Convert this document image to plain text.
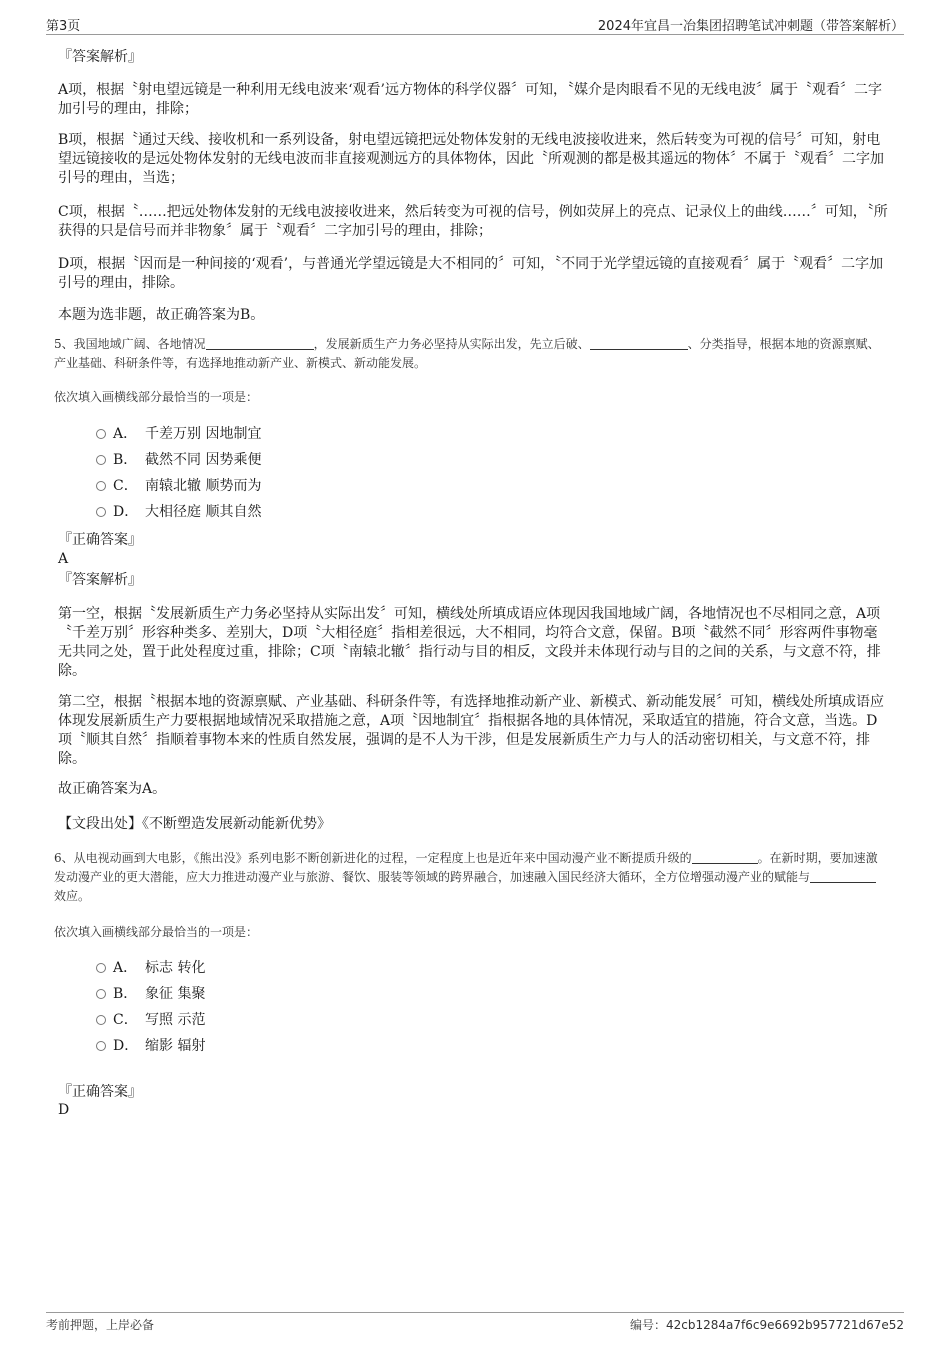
第3页	2024年宜昌一冶集团招聘笔试冲刺题（带答案解析）
『答案解析』
A项，根据〝射电望远镜是一种利用无线电波来‘观看’远方物体的科学仪器〞可知，〝媒介是肉眼看不见的无线电波〞属于〝观看〞二字加引号的理由，排除；
B项，根据〝通过天线、接收机和一系列设备，射电望远镜把远处物体发射的无线电波接收进来，然后转变为可视的信号〞可知，射电望远镜接收的是远处物体发射的无线电波而非直接观测远方的具体物体，因此〝所观测的都是极其遥远的物体〞不属于〝观看〞二字加引号的理由，当选；
C项，根据〝……把远处物体发射的无线电波接收进来，然后转变为可视的信号，例如荧屏上的亮点、记录仪上的曲线……〞可知，〝所获得的只是信号而并非物象〞属于〝观看〞二字加引号的理由，排除；
D项，根据〝因而是一种间接的‘观看’，与普通光学望远镜是大不相同的〞可知，〝不同于光学望远镜的直接观看〞属于〝观看〞二字加引号的理由，排除。
本题为选非题，故正确答案为B。
5、我国地域广阔、各地情况	，发展新质生产力务必坚持从实际出发，先立后破、	、分类指导，根据本地的资源禀赋、产业基础、科研条件等，有选择地推动新产业、新模式、新动能发展。
依次填入画横线部分最恰当的一项是：
A． 千差万别 因地制宜
B． 截然不同 因势乘便
C． 南辕北辙 顺势而为
D． 大相径庭 顺其自然
『正确答案』
A
『答案解析』
第一空，根据〝发展新质生产力务必坚持从实际出发〞可知，横线处所填成语应体现因我国地域广阔，各地情况也不尽相同之意，A项〝千差万别〞形容种类多、差别大，D项〝大相径庭〞指相差很远，大不相同，均符合文意，保留。B项〝截然不同〞形容两件事物毫无共同之处，置于此处程度过重，排除；C项〝南辕北辙〞指行动与目的相反，文段并未体现行动与目的之间的关系，与文意不符，排除。
第二空，根据〝根据本地的资源禀赋、产业基础、科研条件等，有选择地推动新产业、新模式、新动能发展〞可知，横线处所填成语应体现发展新质生产力要根据地域情况采取措施之意，A项〝因地制宜〞指根据各地的具体情况，采取适宜的措施，符合文意，当选。D项〝顺其自然〞指顺着事物本来的性质自然发展，强调的是不人为干涉，但是发展新质生产力与人的活动密切相关，与文意不符，排除。
故正确答案为A。
【文段出处】《不断塑造发展新动能新优势》
6、从电视动画到大电影，《熊出没》系列电影不断创新进化的过程，一定程度上也是近年来中国动漫产业不断提质升级的	。在新时期，要加速激发动漫产业的更大潜能，应大力推进动漫产业与旅游、餐饮、服装等领域的跨界融合，加速融入国民经济大循环，全方位增强动漫产业的赋能与效应。
依次填入画横线部分最恰当的一项是：
A． 标志 转化
B． 象征 集聚
C． 写照 示范
D． 缩影 辐射
『正确答案』
D
考前押题，上岸必备	编号：42cb1284a7f6c9e6692b957721d67e52
